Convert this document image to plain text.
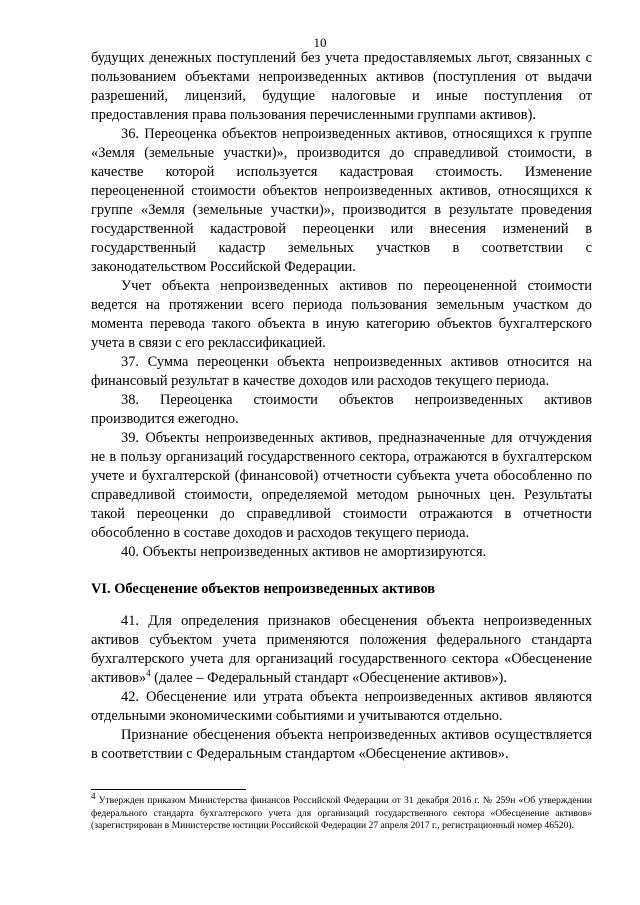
10

будущих денежных поступлений без учета предоставляемых льгот, связанных с пользованием объектами непроизведенных активов (поступления от выдачи разрешений, лицензий, будущие налоговые и иные поступления от предоставления права пользования перечисленными группами активов).

36. Переоценка объектов непроизведенных активов, относящихся к группе «Земля (земельные участки)», производится до справедливой стоимости, в качестве которой используется кадастровая стоимость. Изменение переоцененной стоимости объектов непроизведенных активов, относящихся к группе «Земля (земельные участки)», производится в результате проведения государственной кадастровой переоценки или внесения изменений в государственный кадастр земельных участков в соответствии с законодательством Российской Федерации.

Учет объекта непроизведенных активов по переоцененной стоимости ведется на протяжении всего периода пользования земельным участком до момента перевода такого объекта в иную категорию объектов бухгалтерского учета в связи с его реклассификацией.

37. Сумма переоценки объекта непроизведенных активов относится на финансовый результат в качестве доходов или расходов текущего периода.

38. Переоценка стоимости объектов непроизведенных активов производится ежегодно.

39. Объекты непроизведенных активов, предназначенные для отчуждения не в пользу организаций государственного сектора, отражаются в бухгалтерском учете и бухгалтерской (финансовой) отчетности субъекта учета обособленно по справедливой стоимости, определяемой методом рыночных цен. Результаты такой переоценки до справедливой стоимости отражаются в отчетности обособленно в составе доходов и расходов текущего периода.

40. Объекты непроизведенных активов не амортизируются.

VI. Обесценение объектов непроизведенных активов

41. Для определения признаков обесценения объекта непроизведенных активов субъектом учета применяются положения федерального стандарта бухгалтерского учета для организаций государственного сектора «Обесценение активов»$^4$ (далее – Федеральный стандарт «Обесценение активов»).

42. Обесценение или утрата объекта непроизведенных активов являются отдельными экономическими событиями и учитываются отдельно.

Признание обесценения объекта непроизведенных активов осуществляется в соответствии с Федеральным стандартом «Обесценение активов».

$^4$ Утвержден приказом Министерства финансов Российской Федерации от 31 декабря 2016 г. № 259н «Об утверждении федерального стандарта бухгалтерского учета для организаций государственного сектора «Обесценение активов» (зарегистрирован в Министерстве юстиции Российской Федерации 27 апреля 2017 г., регистрационный номер 46520).
